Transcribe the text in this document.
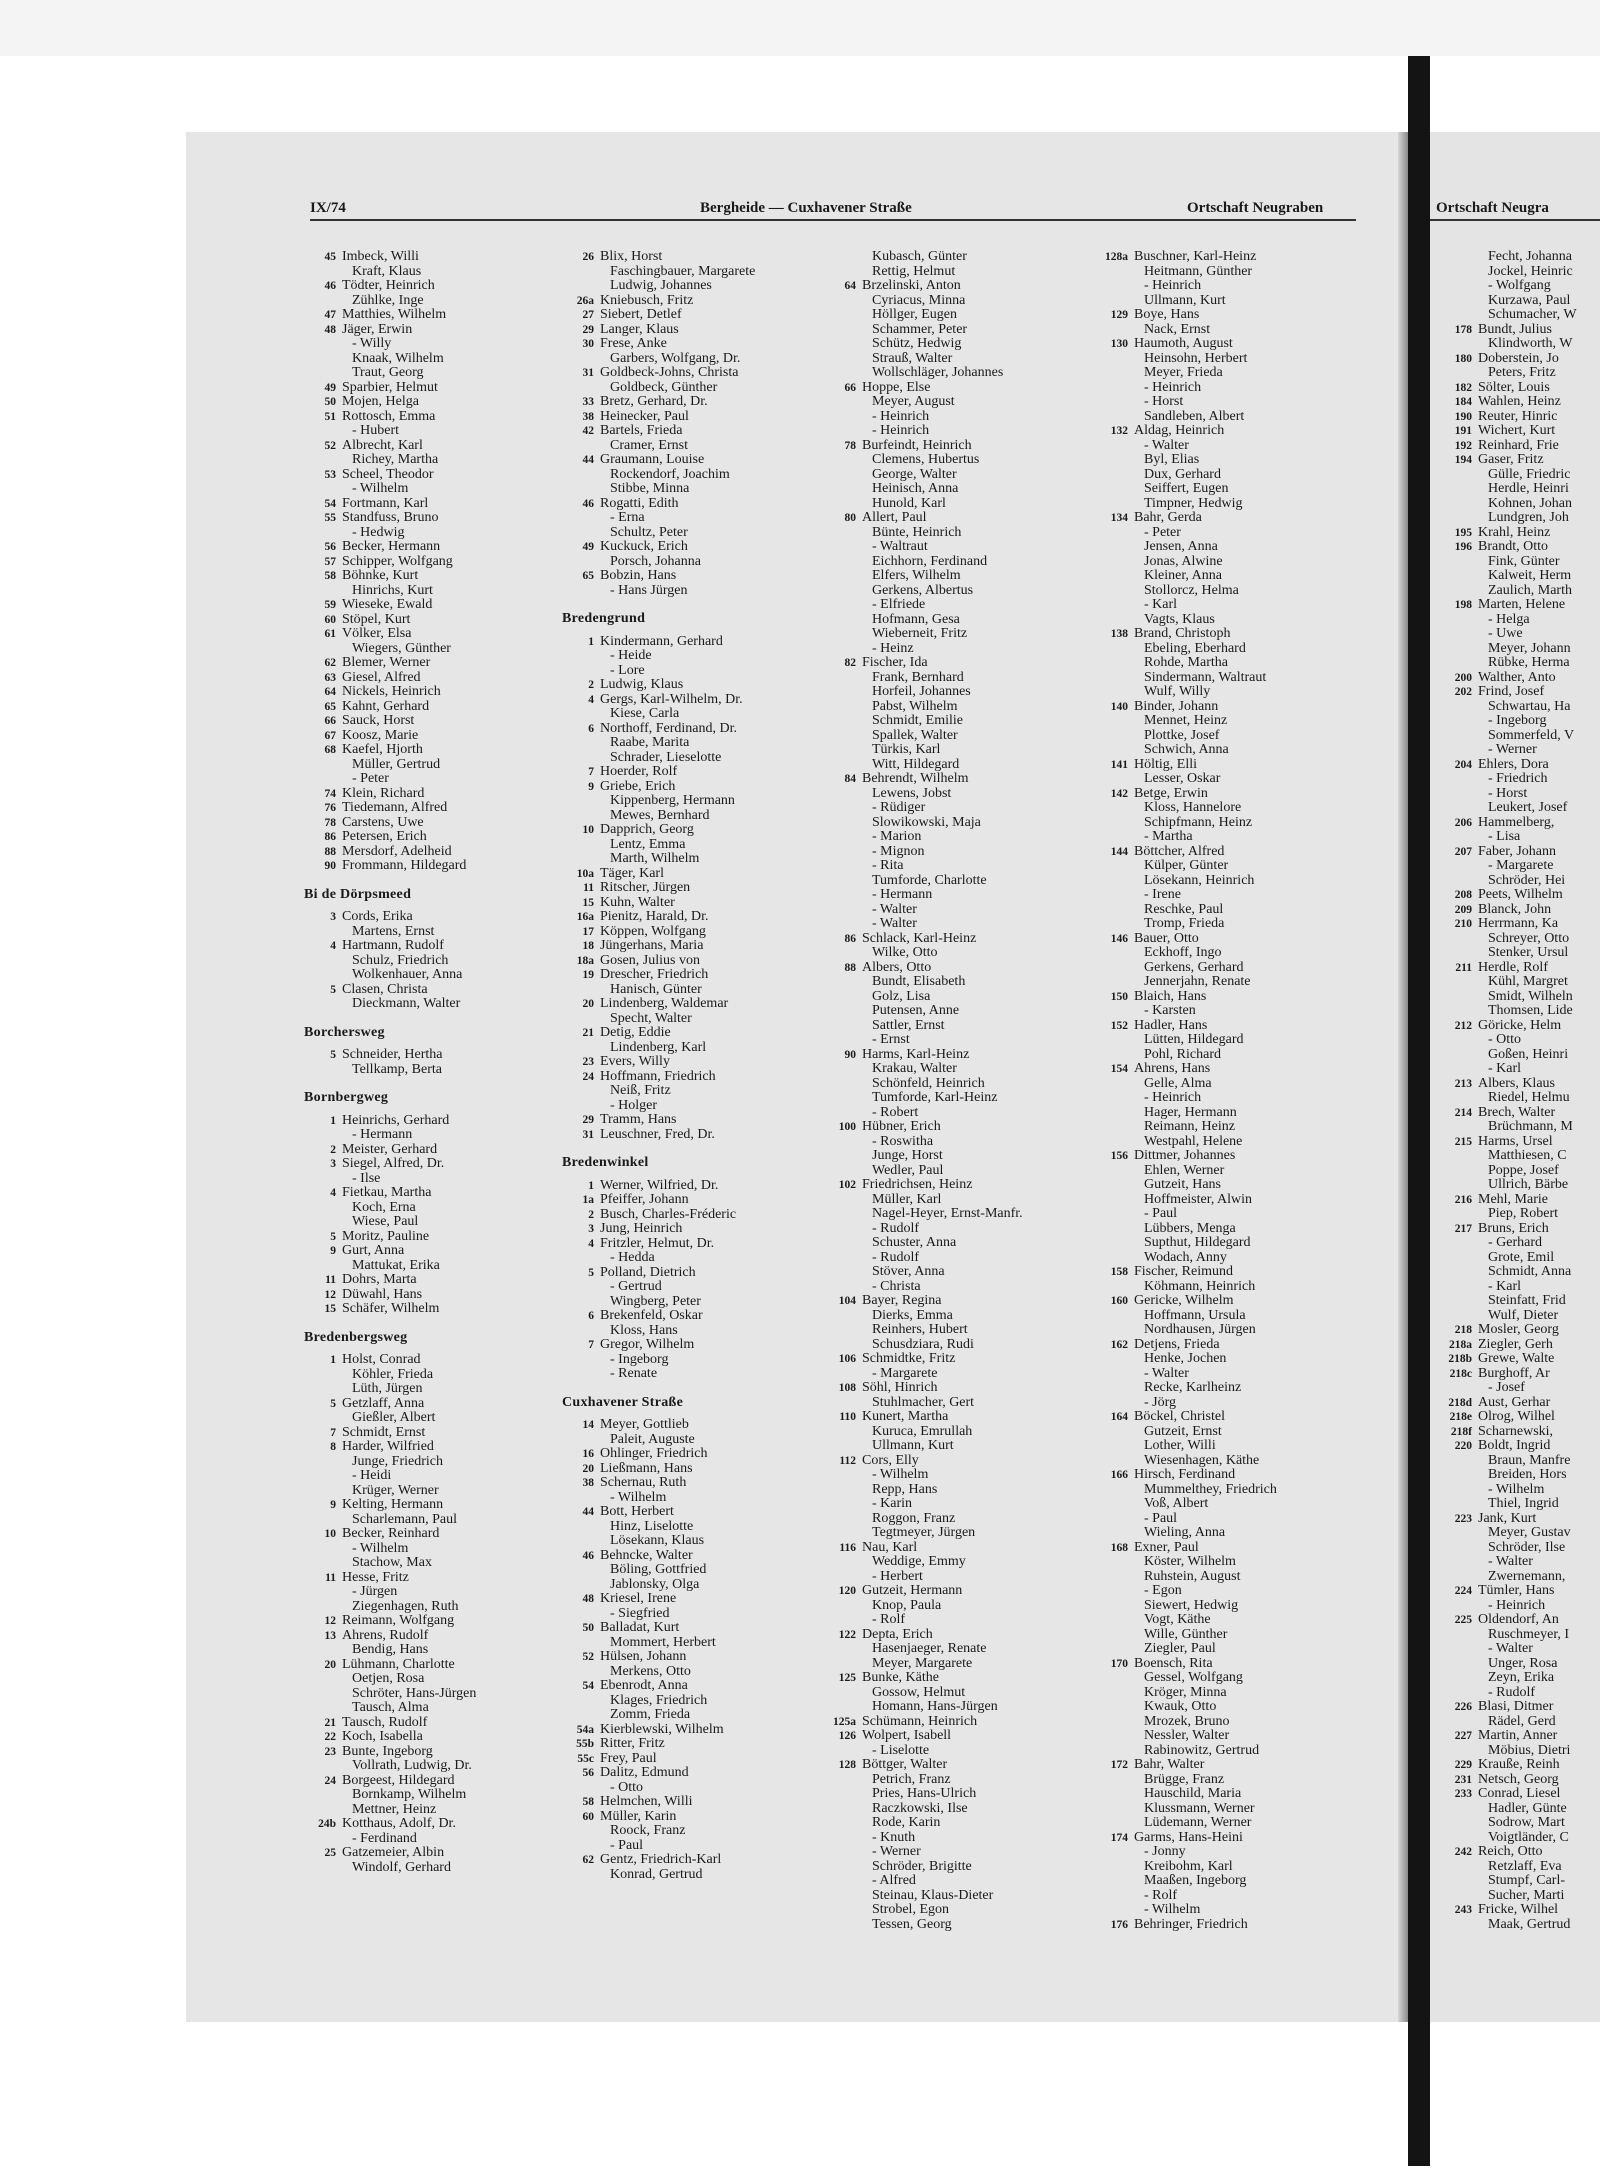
Ortschaft Neugra
Fecht, Johanna
Jockel, Heinric
- Wolfgang
Kurzawa, Paul
Schumacher, W
178 Bundt, Julius
Klindworth, W
180 Doberstein, Jo
Peters, Fritz
182 Sölter, Louis
184 Wahlen, Heinz
190 Reuter, Hinric
191 Wichert, Kurt
192 Reinhard, Frie
194 Gaser, Fritz
Gülle, Friedric
Herdle, Heinri
Kohnen, Johan
Lundgren, Joh
195 Krahl, Heinz
196 Brandt, Otto
Fink, Günter
Kalweit, Herm
Zaulich, Marth
198 Marten, Helene
- Helga
- Uwe
Meyer, Johann
Rübke, Herma
200 Walther, Anto
202 Frind, Josef
Schwartau, Ha
- Ingeborg
Sommerfeld, V
- Werner
204 Ehlers, Dora
- Friedrich
- Horst
Leukert, Josef
206 Hammelberg,
- Lisa
207 Faber, Johann
- Margarete
Schröder, Hei
208 Peets, Wilhelm
209 Blanck, John
210 Herrmann, Ka
Schreyer, Otto
Stenker, Ursul
211 Herdle, Rolf
Kühl, Margret
Smidt, Wilheln
Thomsen, Lide
212 Göricke, Helm
- Otto
Goßen, Heinri
- Karl
213 Albers, Klaus
Riedel, Helmu
214 Brech, Walter
Brüchmann, M
215 Harms, Ursel
Matthiesen, C
Poppe, Josef
Ullrich, Bärbe
216 Mehl, Marie
Piep, Robert
217 Bruns, Erich
- Gerhard
Grote, Emil
Schmidt, Anna
- Karl
Steinfatt, Frid
Wulf, Dieter
218 Mosler, Georg
218a Ziegler, Gerh
218b Grewe, Walte
218c Burghoff, Ar
- Josef
218d Aust, Gerhar
218e Olrog, Wilhel
218f Scharnewski,
220 Boldt, Ingrid
Braun, Manfre
Breiden, Hors
- Wilhelm
Thiel, Ingrid
223 Jank, Kurt
Meyer, Gustav
Schröder, Ilse
- Walter
Zwernemann,
224 Tümler, Hans
- Heinrich
225 Oldendorf, An
Ruschmeyer, I
- Walter
Unger, Rosa
Zeyn, Erika
- Rudolf
226 Blasi, Ditmer
Rädel, Gerd
227 Martin, Anner
Möbius, Dietri
229 Krauße, Reinh
231 Netsch, Georg
233 Conrad, Liesel
Hadler, Günte
Sodrow, Mart
Voigtländer, C
242 Reich, Otto
Retzlaff, Eva
Stumpf, Carl-
Sucher, Marti
243 Fricke, Wilhel
Maak, Gertrud
IX/74	Bergheide — Cuxhavener Straße	Ortschaft Neugraben
45 Imbeck, Willi
Kraft, Klaus
46 Tödter, Heinrich
Zühlke, Inge
47 Matthies, Wilhelm
48 Jäger, Erwin
- Willy
Knaak, Wilhelm
Traut, Georg
49 Sparbier, Helmut
50 Mojen, Helga
51 Rottosch, Emma
- Hubert
52 Albrecht, Karl
Richey, Martha
53 Scheel, Theodor
- Wilhelm
54 Fortmann, Karl
55 Standfuss, Bruno
- Hedwig
56 Becker, Hermann
57 Schipper, Wolfgang
58 Böhnke, Kurt
Hinrichs, Kurt
59 Wieseke, Ewald
60 Stöpel, Kurt
61 Völker, Elsa
Wiegers, Günther
62 Blemer, Werner
63 Giesel, Alfred
64 Nickels, Heinrich
65 Kahnt, Gerhard
66 Sauck, Horst
67 Koosz, Marie
68 Kaefel, Hjorth
Müller, Gertrud
- Peter
74 Klein, Richard
76 Tiedemann, Alfred
78 Carstens, Uwe
86 Petersen, Erich
88 Mersdorf, Adelheid
90 Frommann, Hildegard
Bi de Dörpsmeed
3 Cords, Erika
Martens, Ernst
4 Hartmann, Rudolf
Schulz, Friedrich
Wolkenhauer, Anna
5 Clasen, Christa
Dieckmann, Walter
Borchersweg
5 Schneider, Hertha
Tellkamp, Berta
Bornbergweg
1 Heinrichs, Gerhard
- Hermann
2 Meister, Gerhard
3 Siegel, Alfred, Dr.
- Ilse
4 Fietkau, Martha
Koch, Erna
Wiese, Paul
5 Moritz, Pauline
9 Gurt, Anna
Mattukat, Erika
11 Dohrs, Marta
12 Düwahl, Hans
15 Schäfer, Wilhelm
Bredenbergsweg
1 Holst, Conrad
Köhler, Frieda
Lüth, Jürgen
5 Getzlaff, Anna
Gießler, Albert
7 Schmidt, Ernst
8 Harder, Wilfried
Junge, Friedrich
- Heidi
Krüger, Werner
9 Kelting, Hermann
Scharlemann, Paul
10 Becker, Reinhard
- Wilhelm
Stachow, Max
11 Hesse, Fritz
- Jürgen
Ziegenhagen, Ruth
12 Reimann, Wolfgang
13 Ahrens, Rudolf
Bendig, Hans
20 Lühmann, Charlotte
Oetjen, Rosa
Schröter, Hans-Jürgen
Tausch, Alma
21 Tausch, Rudolf
22 Koch, Isabella
23 Bunte, Ingeborg
Vollrath, Ludwig, Dr.
24 Borgeest, Hildegard
Bornkamp, Wilhelm
Mettner, Heinz
24b Kotthaus, Adolf, Dr.
- Ferdinand
25 Gatzemeier, Albin
Windolf, Gerhard
26 Blix, Horst
Faschingbauer, Margarete
Ludwig, Johannes
26a Kniebusch, Fritz
27 Siebert, Detlef
29 Langer, Klaus
30 Frese, Anke
Garbers, Wolfgang, Dr.
31 Goldbeck-Johns, Christa
Goldbeck, Günther
33 Bretz, Gerhard, Dr.
38 Heinecker, Paul
42 Bartels, Frieda
Cramer, Ernst
44 Graumann, Louise
Rockendorf, Joachim
Stibbe, Minna
46 Rogatti, Edith
- Erna
Schultz, Peter
49 Kuckuck, Erich
Porsch, Johanna
65 Bobzin, Hans
- Hans Jürgen
Bredengrund
1 Kindermann, Gerhard
- Heide
- Lore
2 Ludwig, Klaus
4 Gergs, Karl-Wilhelm, Dr.
Kiese, Carla
6 Northoff, Ferdinand, Dr.
Raabe, Marita
Schrader, Lieselotte
7 Hoerder, Rolf
9 Griebe, Erich
Kippenberg, Hermann
Mewes, Bernhard
10 Dapprich, Georg
Lentz, Emma
Marth, Wilhelm
10a Täger, Karl
11 Ritscher, Jürgen
15 Kuhn, Walter
16a Pienitz, Harald, Dr.
17 Köppen, Wolfgang
18 Jüngerhans, Maria
18a Gosen, Julius von
19 Drescher, Friedrich
Hanisch, Günter
20 Lindenberg, Waldemar
Specht, Walter
21 Detig, Eddie
Lindenberg, Karl
23 Evers, Willy
24 Hoffmann, Friedrich
Neiß, Fritz
- Holger
29 Tramm, Hans
31 Leuschner, Fred, Dr.
Bredenwinkel
1 Werner, Wilfried, Dr.
1a Pfeiffer, Johann
2 Busch, Charles-Fréderic
3 Jung, Heinrich
4 Fritzler, Helmut, Dr.
- Hedda
5 Polland, Dietrich
- Gertrud
Wingberg, Peter
6 Brekenfeld, Oskar
Kloss, Hans
7 Gregor, Wilhelm
- Ingeborg
- Renate
Cuxhavener Straße
14 Meyer, Gottlieb
Paleit, Auguste
16 Ohlinger, Friedrich
20 Ließmann, Hans
38 Schernau, Ruth
- Wilhelm
44 Bott, Herbert
Hinz, Liselotte
Lösekann, Klaus
46 Behncke, Walter
Böling, Gottfried
Jablonsky, Olga
48 Kriesel, Irene
- Siegfried
50 Balladat, Kurt
Mommert, Herbert
52 Hülsen, Johann
Merkens, Otto
54 Ebenrodt, Anna
Klages, Friedrich
Zomm, Frieda
54a Kierblewski, Wilhelm
55b Ritter, Fritz
55c Frey, Paul
56 Dalitz, Edmund
- Otto
58 Helmchen, Willi
60 Müller, Karin
Roock, Franz
- Paul
62 Gentz, Friedrich-Karl
Konrad, Gertrud
Kubasch, Günter
Rettig, Helmut
64 Brzelinski, Anton
Cyriacus, Minna
Höllger, Eugen
Schammer, Peter
Schütz, Hedwig
Strauß, Walter
Wollschläger, Johannes
66 Hoppe, Else
Meyer, August
- Heinrich
- Heinrich
78 Burfeindt, Heinrich
Clemens, Hubertus
George, Walter
Heinisch, Anna
Hunold, Karl
80 Allert, Paul
Bünte, Heinrich
- Waltraut
Eichhorn, Ferdinand
Elfers, Wilhelm
Gerkens, Albertus
- Elfriede
Hofmann, Gesa
Wieberneit, Fritz
- Heinz
82 Fischer, Ida
Frank, Bernhard
Horfeil, Johannes
Pabst, Wilhelm
Schmidt, Emilie
Spallek, Walter
Türkis, Karl
Witt, Hildegard
84 Behrendt, Wilhelm
Lewens, Jobst
- Rüdiger
Slowikowski, Maja
- Marion
- Mignon
- Rita
Tumforde, Charlotte
- Hermann
- Walter
- Walter
86 Schlack, Karl-Heinz
Wilke, Otto
88 Albers, Otto
Bundt, Elisabeth
Golz, Lisa
Putensen, Anne
Sattler, Ernst
- Ernst
90 Harms, Karl-Heinz
Krakau, Walter
Schönfeld, Heinrich
Tumforde, Karl-Heinz
- Robert
100 Hübner, Erich
- Roswitha
Junge, Horst
Wedler, Paul
102 Friedrichsen, Heinz
Müller, Karl
Nagel-Heyer, Ernst-Manfr.
- Rudolf
Schuster, Anna
- Rudolf
Stöver, Anna
- Christa
104 Bayer, Regina
Dierks, Emma
Reinhers, Hubert
Schusdziara, Rudi
106 Schmidtke, Fritz
- Margarete
108 Söhl, Hinrich
Stuhlmacher, Gert
110 Kunert, Martha
Kuruca, Emrullah
Ullmann, Kurt
112 Cors, Elly
- Wilhelm
Repp, Hans
- Karin
Roggon, Franz
Tegtmeyer, Jürgen
116 Nau, Karl
Weddige, Emmy
- Herbert
120 Gutzeit, Hermann
Knop, Paula
- Rolf
122 Depta, Erich
Hasenjaeger, Renate
Meyer, Margarete
125 Bunke, Käthe
Gossow, Helmut
Homann, Hans-Jürgen
125a Schümann, Heinrich
126 Wolpert, Isabell
- Liselotte
128 Böttger, Walter
Petrich, Franz
Pries, Hans-Ulrich
Raczkowski, Ilse
Rode, Karin
- Knuth
- Werner
Schröder, Brigitte
- Alfred
Steinau, Klaus-Dieter
Strobel, Egon
Tessen, Georg
128a Buschner, Karl-Heinz
Heitmann, Günther
- Heinrich
Ullmann, Kurt
129 Boye, Hans
Nack, Ernst
130 Haumoth, August
Heinsohn, Herbert
Meyer, Frieda
- Heinrich
- Horst
Sandleben, Albert
132 Aldag, Heinrich
- Walter
Byl, Elias
Dux, Gerhard
Seiffert, Eugen
Timpner, Hedwig
134 Bahr, Gerda
- Peter
Jensen, Anna
Jonas, Alwine
Kleiner, Anna
Stollorcz, Helma
- Karl
Vagts, Klaus
138 Brand, Christoph
Ebeling, Eberhard
Rohde, Martha
Sindermann, Waltraut
Wulf, Willy
140 Binder, Johann
Mennet, Heinz
Plottke, Josef
Schwich, Anna
141 Höltig, Elli
Lesser, Oskar
142 Betge, Erwin
Kloss, Hannelore
Schipfmann, Heinz
- Martha
144 Böttcher, Alfred
Külper, Günter
Lösekann, Heinrich
- Irene
Reschke, Paul
Tromp, Frieda
146 Bauer, Otto
Eckhoff, Ingo
Gerkens, Gerhard
Jennerjahn, Renate
150 Blaich, Hans
- Karsten
152 Hadler, Hans
Lütten, Hildegard
Pohl, Richard
154 Ahrens, Hans
Gelle, Alma
- Heinrich
Hager, Hermann
Reimann, Heinz
Westpahl, Helene
156 Dittmer, Johannes
Ehlen, Werner
Gutzeit, Hans
Hoffmeister, Alwin
- Paul
Lübbers, Menga
Supthut, Hildegard
Wodach, Anny
158 Fischer, Reimund
Köhmann, Heinrich
160 Gericke, Wilhelm
Hoffmann, Ursula
Nordhausen, Jürgen
162 Detjens, Frieda
Henke, Jochen
- Walter
Recke, Karlheinz
- Jörg
164 Böckel, Christel
Gutzeit, Ernst
Lother, Willi
Wiesenhagen, Käthe
166 Hirsch, Ferdinand
Mummelthey, Friedrich
Voß, Albert
- Paul
Wieling, Anna
168 Exner, Paul
Köster, Wilhelm
Ruhstein, August
- Egon
Siewert, Hedwig
Vogt, Käthe
Wille, Günther
Ziegler, Paul
170 Boensch, Rita
Gessel, Wolfgang
Kröger, Minna
Kwauk, Otto
Mrozek, Bruno
Nessler, Walter
Rabinowitz, Gertrud
172 Bahr, Walter
Brügge, Franz
Hauschild, Maria
Klussmann, Werner
Lüdemann, Werner
174 Garms, Hans-Heini
- Jonny
Kreibohm, Karl
Maaßen, Ingeborg
- Rolf
- Wilhelm
176 Behringer, Friedrich
